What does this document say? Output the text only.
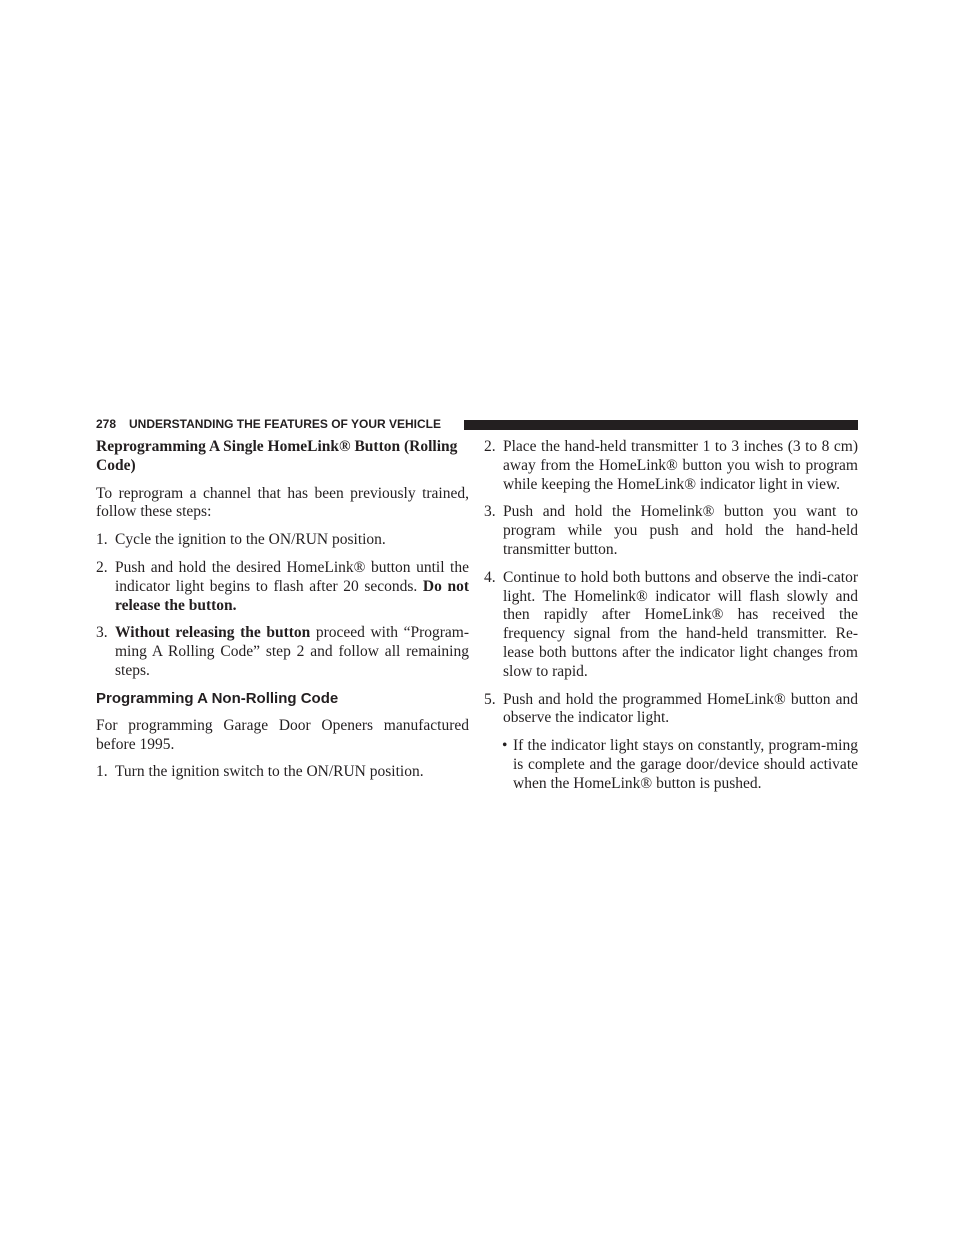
278 UNDERSTANDING THE FEATURES OF YOUR VEHICLE

Reprogramming A Single HomeLink® Button (Rolling Code)

To reprogram a channel that has been previously trained, follow these steps:

1. Cycle the ignition to the ON/RUN position.

2. Push and hold the desired HomeLink® button until the indicator light begins to flash after 20 seconds. Do not release the button.

3. Without releasing the button proceed with “Program-ming A Rolling Code” step 2 and follow all remaining steps.

Programming A Non-Rolling Code

For programming Garage Door Openers manufactured before 1995.

1. Turn the ignition switch to the ON/RUN position.

2. Place the hand-held transmitter 1 to 3 inches (3 to 8 cm) away from the HomeLink® button you wish to program while keeping the HomeLink® indicator light in view.

3. Push and hold the Homelink® button you want to program while you push and hold the hand-held transmitter button.

4. Continue to hold both buttons and observe the indi-cator light. The Homelink® indicator will flash slowly and then rapidly after HomeLink® has received the frequency signal from the hand-held transmitter. Re-lease both buttons after the indicator light changes from slow to rapid.

5. Push and hold the programmed HomeLink® button and observe the indicator light.

• If the indicator light stays on constantly, program-ming is complete and the garage door/device should activate when the HomeLink® button is pushed.
